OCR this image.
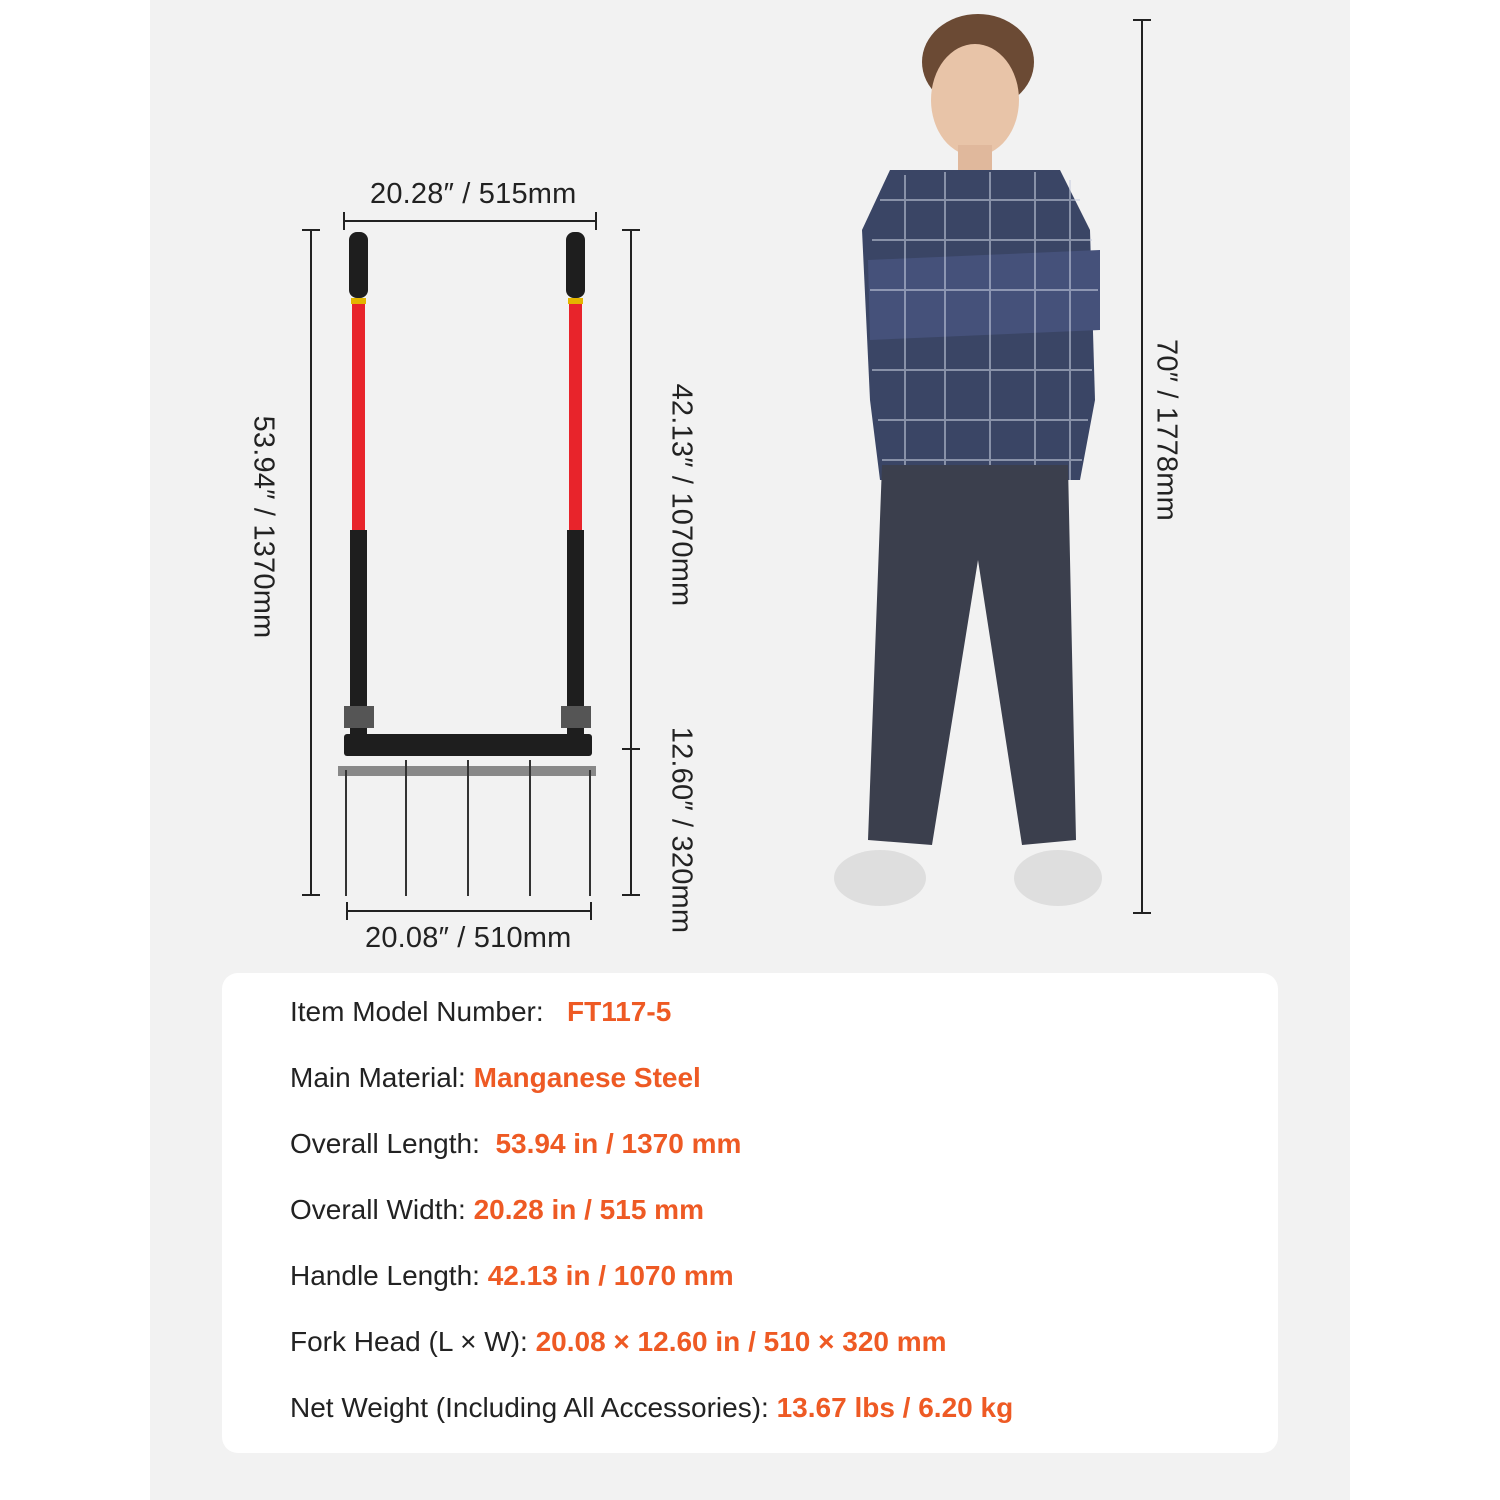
20.28″ / 515mm
20.08″ / 510mm
53.94″ / 1370mm	42.13″ / 1070mm
12.60″ / 320mm
70″ / 1778mm
Item Model Number: FT117-5
Main Material: Manganese Steel
Overall Length: 53.94 in / 1370 mm
Overall Width: 20.28 in / 515 mm
Handle Length: 42.13 in / 1070 mm
Fork Head (L × W): 20.08 × 12.60 in / 510 × 320 mm
Net Weight (Including All Accessories): 13.67 lbs / 6.20 kg
